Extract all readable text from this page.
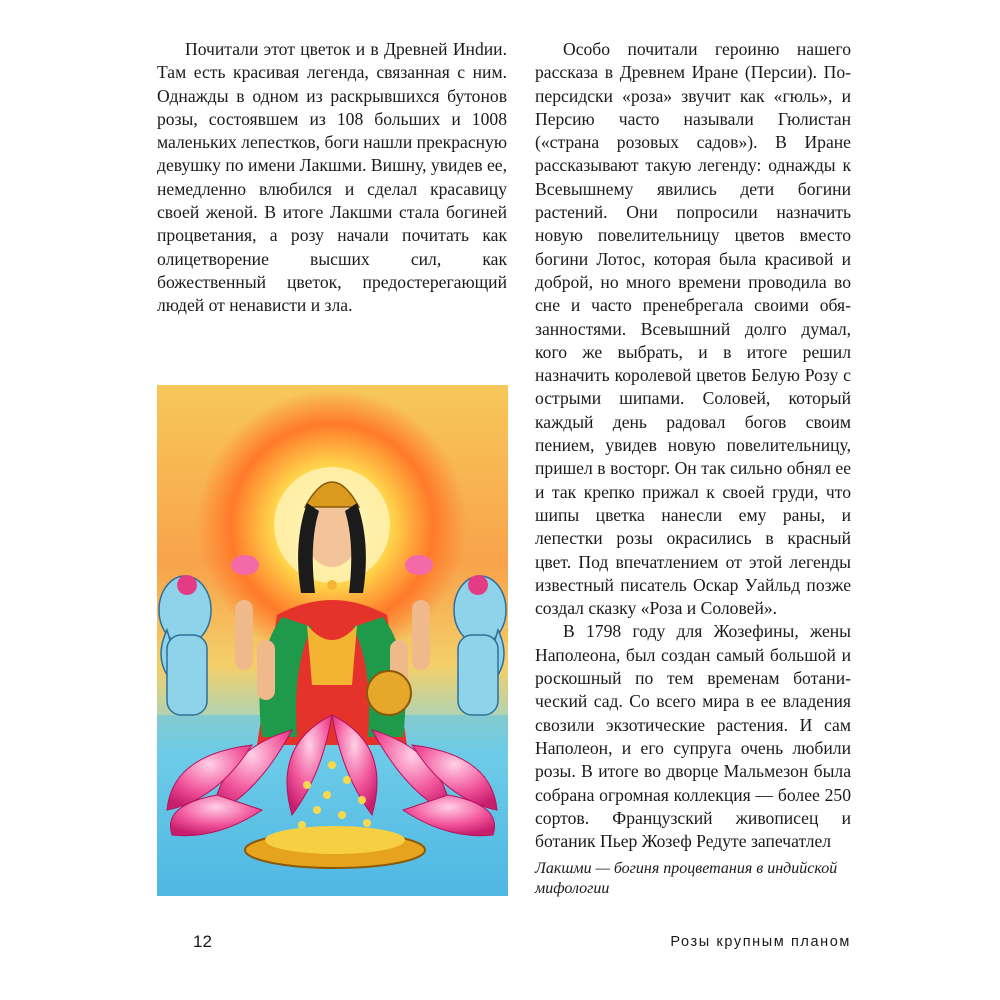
Почитали этот цветок и в Древней Инdии. Там есть красивая легенда, связанная с ним. Однажды в одном из раскрывшихся бутонов розы, состоявшем из 108 больших и 1008 маленьких лепестков, боги нашли прекрасную девушку по имени Лакшми. Вишну, увидев ее, немедленно влюбился и сделал красавицу своей женой. В итоге Лакшми стала богиней процветания, а розу начали почитать как олицетворение высших сил, как божественный цветок, предостерегающий людей от ненависти и зла.

Особо почитали героиню нашего рассказа в Древнем Иране (Персии). По-персидски «роза» звучит как «гюль», и Персию часто называли Гюлистан («страна розовых садов»). В Иране рассказывают такую легенду: однажды к Всевышнему явились дети богини растений. Они попросили назначить новую повелительницу цветов вместо богини Лотос, которая была красивой и доброй, но много времени проводила во сне и часто пренебрегала своими обязанностями. Всевышний долго думал, кого же выбрать, и в итоге решил назначить королевой цветов Белую Розу с острыми шипами. Соловей, который каждый день радовал богов своим пением, увидев новую повелительницу, пришел в восторг. Он так сильно обнял ее и так крепко прижал к своей груди, что шипы цветка нанесли ему раны, и лепестки розы окрасились в красный цвет. Под впечатлением от этой легенды известный писатель Оскар Уайльд позже создал сказку «Роза и Соловей».

В 1798 году для Жозефины, жены Наполеона, был создан самый большой и роскошный по тем временам ботанический сад. Со всего мира в ее владения свозили экзотические растения. И сам Наполеон, и его супруга очень любили розы. В итоге во дворце Мальмезон была собрана огромная коллекция — более 250 сортов. Французский живописец и ботаник Пьер Жозеф Редуте запечатлел

Лакшми — богиня процветания в индийской мифологии

12	Розы крупным планом
